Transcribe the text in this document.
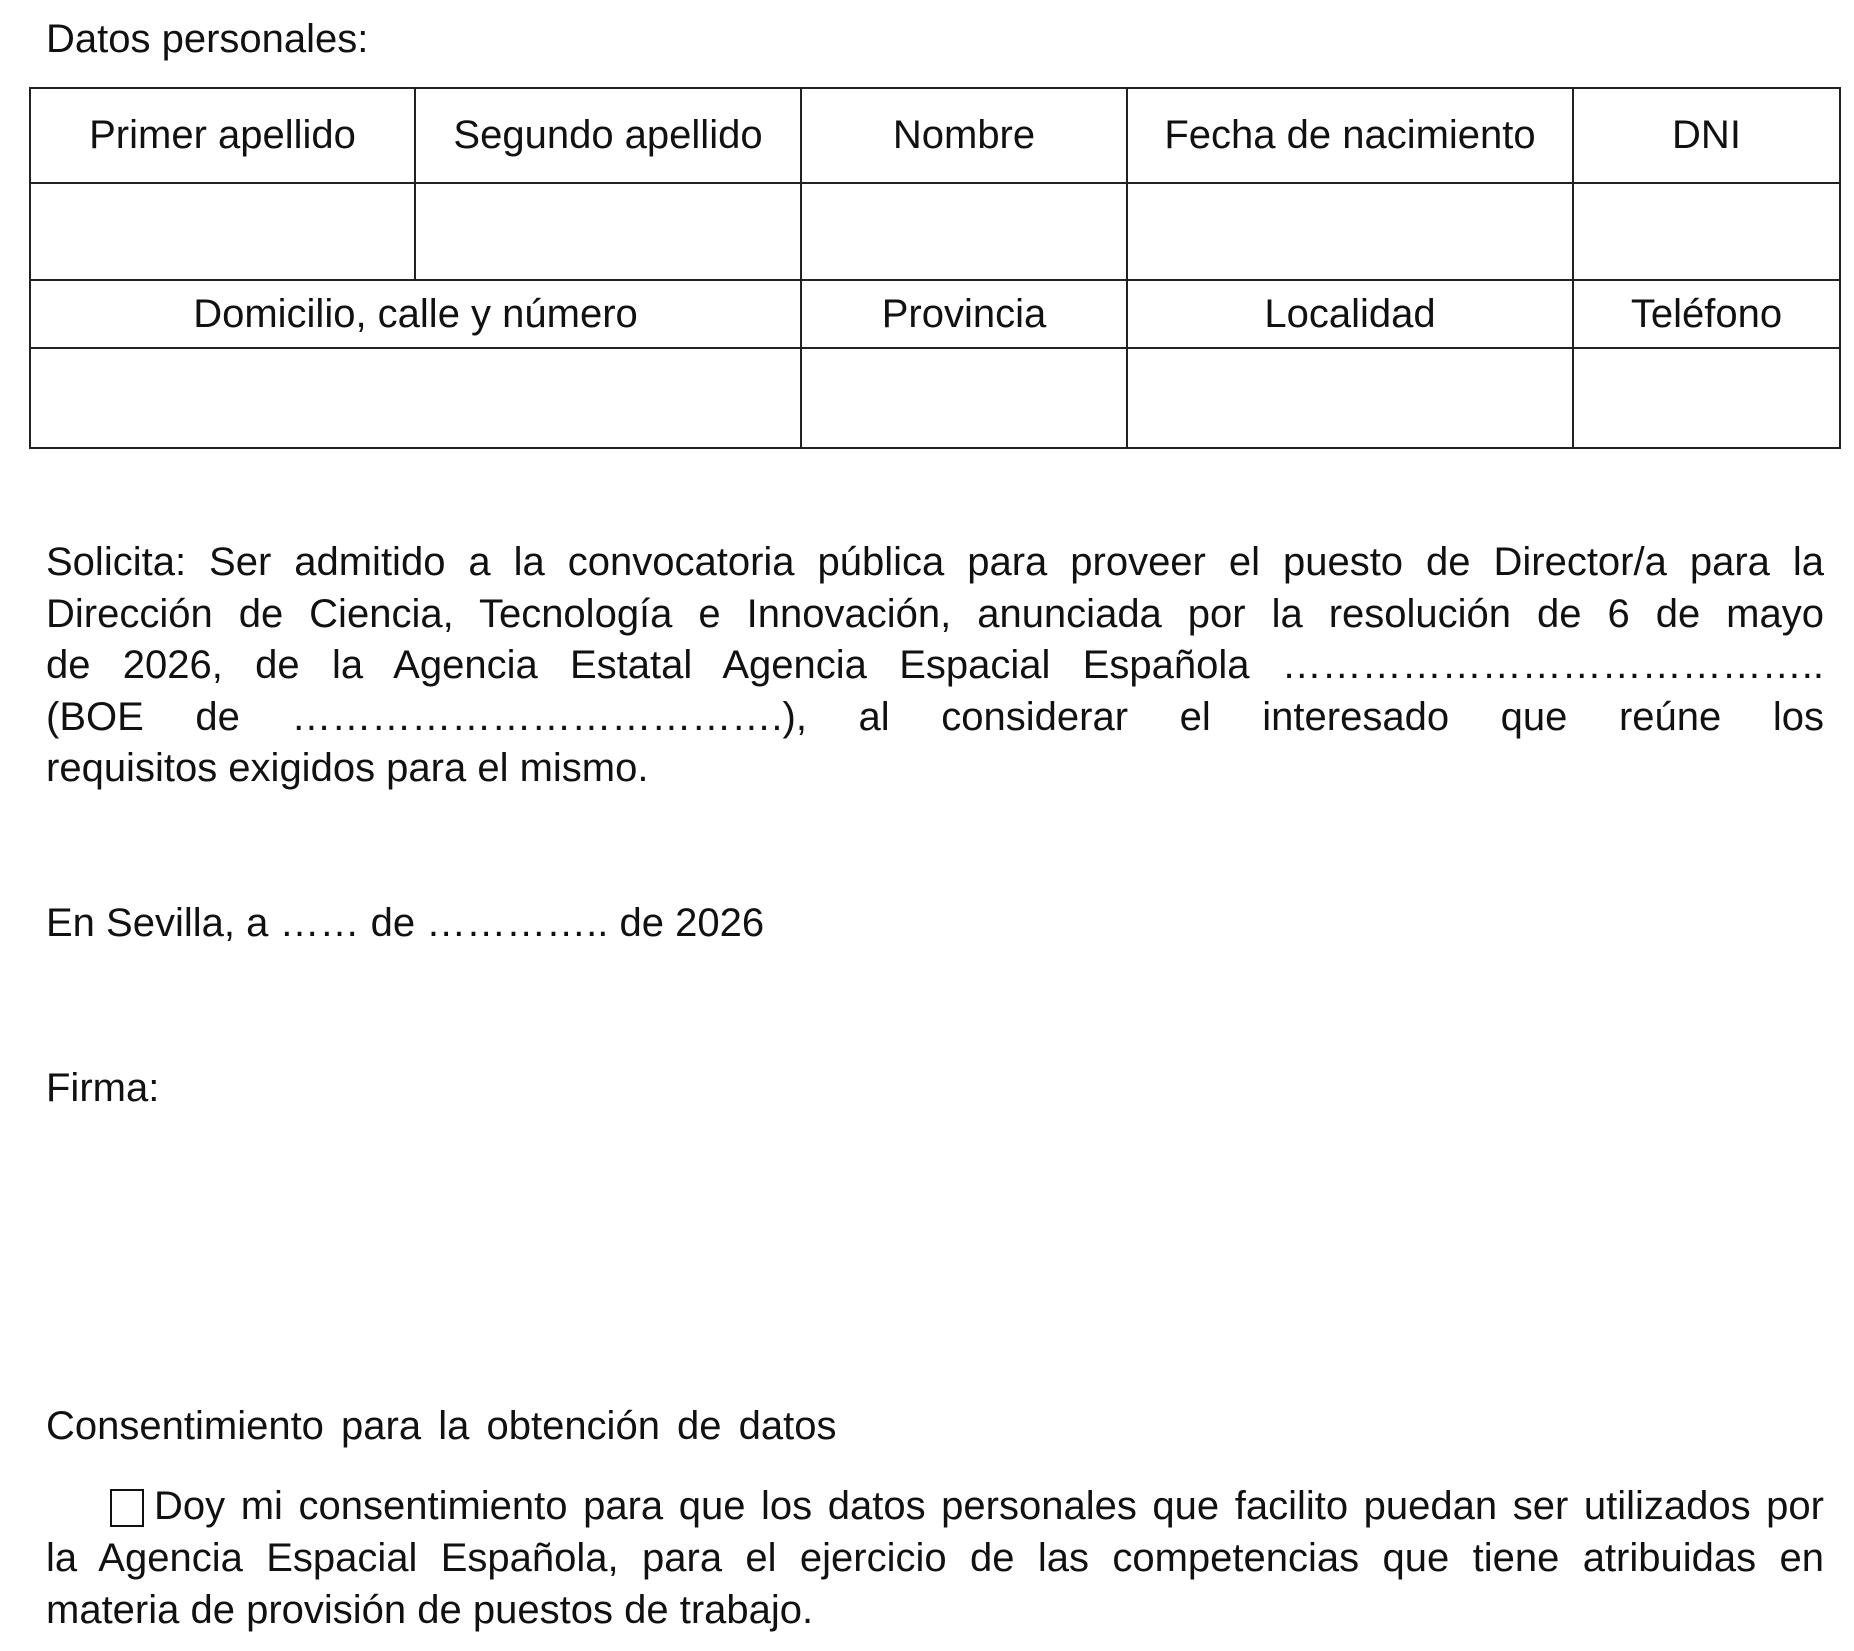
Datos personales:
Primer apellido	Segundo apellido	Nombre	Fecha de nacimiento	DNI

Domicilio, calle y número		Provincia	Localidad	Teléfono

Solicita: Ser admitido a la convocatoria pública para proveer el puesto de Director/a para la
Dirección de Ciencia, Tecnología e Innovación, anunciada por la resolución de 6 de mayo
de 2026, de la Agencia Estatal Agencia Espacial Española …………………………………..
(BOE de ……………………………….), al considerar el interesado que reúne los
requisitos exigidos para el mismo.
En Sevilla, a …… de ………….. de 2026
Firma:
Consentimiento para la obtención de datos
Doy mi consentimiento para que los datos personales que facilito puedan ser utilizados por
la Agencia Espacial Española, para el ejercicio de las competencias que tiene atribuidas en
materia de provisión de puestos de trabajo.
